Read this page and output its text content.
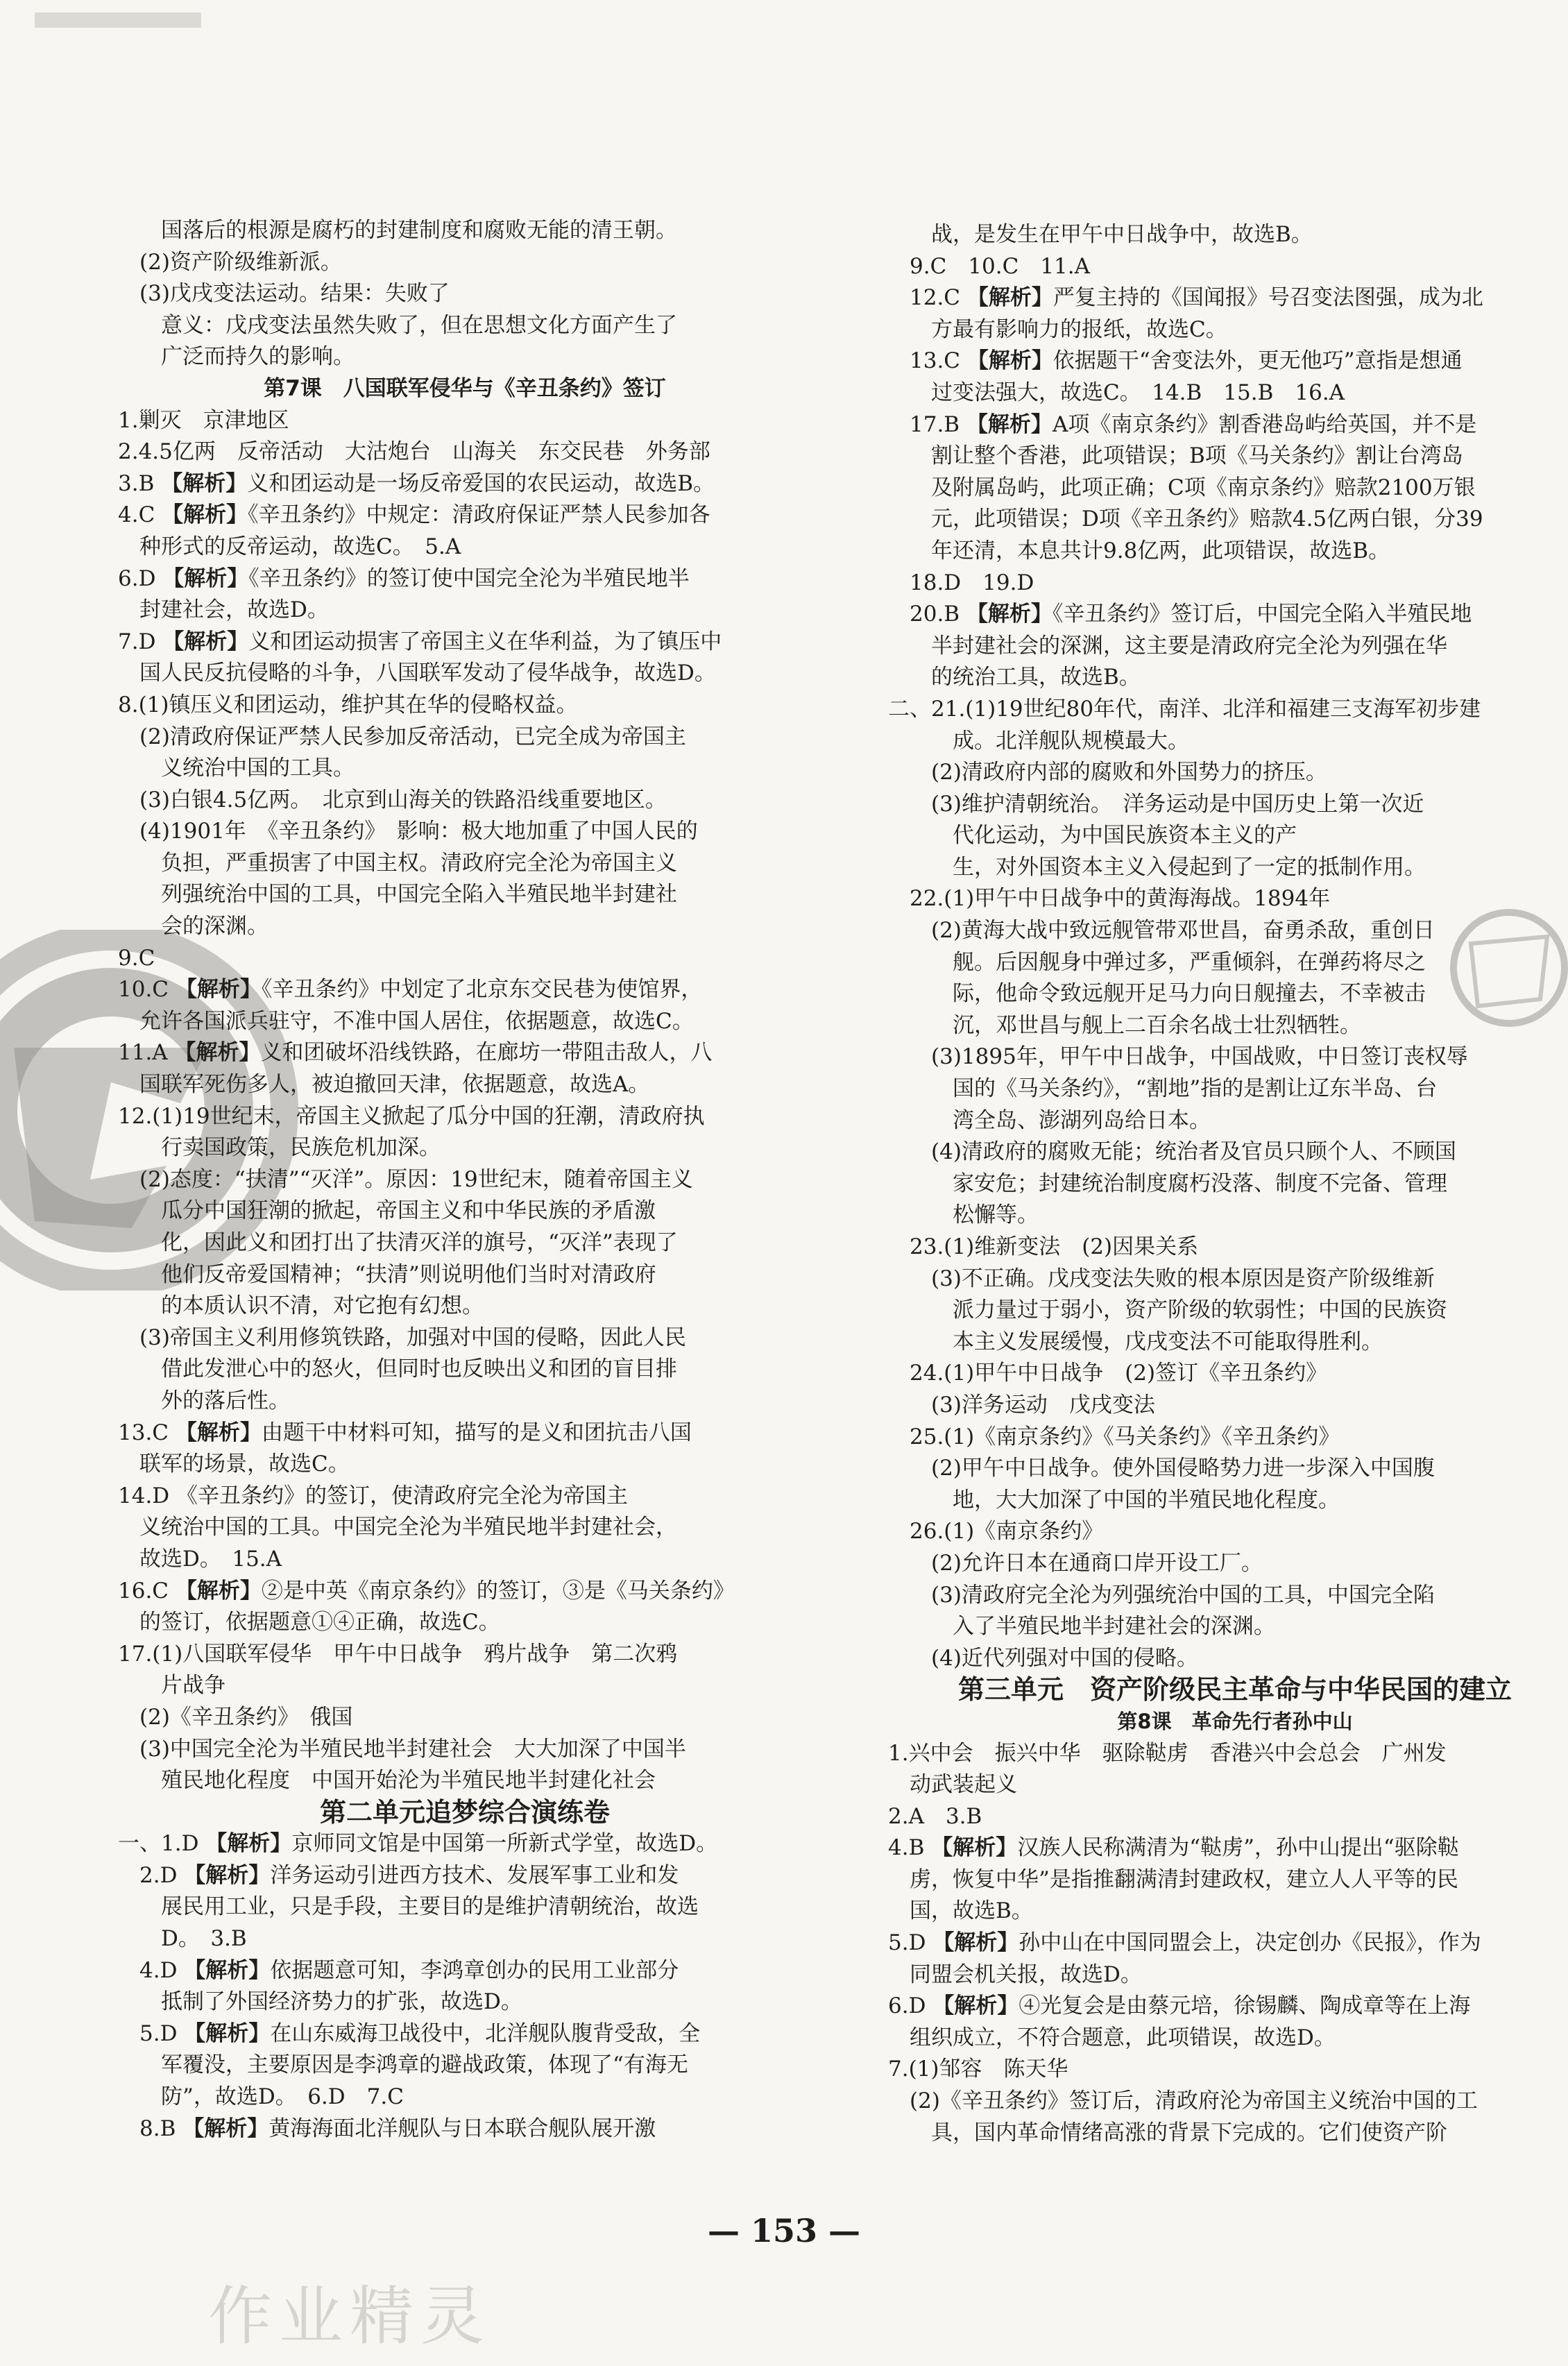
国落后的根源是腐朽的封建制度和腐败无能的清王朝。
(2)资产阶级维新派。
(3)戊戌变法运动。结果：失败了
意义：戊戌变法虽然失败了，但在思想文化方面产生了
广泛而持久的影响。
第7课　八国联军侵华与《辛丑条约》签订
1.剿灭　京津地区
2.4.5亿两　反帝活动　大沽炮台　山海关　东交民巷　外务部
3.B 【解析】义和团运动是一场反帝爱国的农民运动，故选B。
4.C 【解析】《辛丑条约》中规定：清政府保证严禁人民参加各
种形式的反帝运动，故选C。　5.A
6.D 【解析】《辛丑条约》的签订使中国完全沦为半殖民地半
封建社会，故选D。
7.D 【解析】义和团运动损害了帝国主义在华利益，为了镇压中
国人民反抗侵略的斗争，八国联军发动了侵华战争，故选D。
8.(1)镇压义和团运动，维护其在华的侵略权益。
(2)清政府保证严禁人民参加反帝活动，已完全成为帝国主
义统治中国的工具。
(3)白银4.5亿两。　北京到山海关的铁路沿线重要地区。
(4)1901年　《辛丑条约》　影响：极大地加重了中国人民的
负担，严重损害了中国主权。清政府完全沦为帝国主义
列强统治中国的工具，中国完全陷入半殖民地半封建社
会的深渊。
9.C
10.C 【解析】《辛丑条约》中划定了北京东交民巷为使馆界，
允许各国派兵驻守，不准中国人居住，依据题意，故选C。
11.A 【解析】义和团破坏沿线铁路，在廊坊一带阻击敌人，八
国联军死伤多人，被迫撤回天津，依据题意，故选A。
12.(1)19世纪末，帝国主义掀起了瓜分中国的狂潮，清政府执
行卖国政策，民族危机加深。
(2)态度：“扶清”“灭洋”。原因：19世纪末，随着帝国主义
瓜分中国狂潮的掀起，帝国主义和中华民族的矛盾激
化，因此义和团打出了扶清灭洋的旗号，“灭洋”表现了
他们反帝爱国精神；“扶清”则说明他们当时对清政府
的本质认识不清，对它抱有幻想。
(3)帝国主义利用修筑铁路，加强对中国的侵略，因此人民
借此发泄心中的怒火，但同时也反映出义和团的盲目排
外的落后性。
13.C 【解析】由题干中材料可知，描写的是义和团抗击八国
联军的场景，故选C。
14.D 《辛丑条约》的签订，使清政府完全沦为帝国主
义统治中国的工具。中国完全沦为半殖民地半封建社会，
故选D。　15.A
16.C 【解析】②是中英《南京条约》的签订，③是《马关条约》
的签订，依据题意①④正确，故选C。
17.(1)八国联军侵华　甲午中日战争　鸦片战争　第二次鸦
片战争
(2)《辛丑条约》　俄国
(3)中国完全沦为半殖民地半封建社会　大大加深了中国半
殖民地化程度　中国开始沦为半殖民地半封建化社会
第二单元追梦综合演练卷
一、1.D 【解析】京师同文馆是中国第一所新式学堂，故选D。
2.D 【解析】洋务运动引进西方技术、发展军事工业和发
展民用工业，只是手段，主要目的是维护清朝统治，故选
D。　3.B
4.D 【解析】依据题意可知，李鸿章创办的民用工业部分
抵制了外国经济势力的扩张，故选D。
5.D 【解析】在山东威海卫战役中，北洋舰队腹背受敌，全
军覆没，主要原因是李鸿章的避战政策，体现了“有海无
防”，故选D。　6.D　7.C
8.B 【解析】黄海海面北洋舰队与日本联合舰队展开激
战，是发生在甲午中日战争中，故选B。
9.C　10.C　11.A
12.C 【解析】严复主持的《国闻报》号召变法图强，成为北
方最有影响力的报纸，故选C。
13.C 【解析】依据题干“舍变法外，更无他巧”意指是想通
过变法强大，故选C。　14.B　15.B　16.A
17.B 【解析】A项《南京条约》割香港岛屿给英国，并不是
割让整个香港，此项错误；B项《马关条约》割让台湾岛
及附属岛屿，此项正确；C项《南京条约》赔款2100万银
元，此项错误；D项《辛丑条约》赔款4.5亿两白银，分39
年还清，本息共计9.8亿两，此项错误，故选B。
18.D　19.D
20.B 【解析】《辛丑条约》签订后，中国完全陷入半殖民地
半封建社会的深渊，这主要是清政府完全沦为列强在华
的统治工具，故选B。
二、21.(1)19世纪80年代，南洋、北洋和福建三支海军初步建
成。北洋舰队规模最大。
(2)清政府内部的腐败和外国势力的挤压。
(3)维护清朝统治。　洋务运动是中国历史上第一次近
代化运动，为中国民族资本主义的产
生，对外国资本主义入侵起到了一定的抵制作用。
22.(1)甲午中日战争中的黄海海战。1894年
(2)黄海大战中致远舰管带邓世昌，奋勇杀敌，重创日
舰。后因舰身中弹过多，严重倾斜，在弹药将尽之
际，他命令致远舰开足马力向日舰撞去，不幸被击
沉，邓世昌与舰上二百余名战士壮烈牺牲。
(3)1895年，甲午中日战争，中国战败，中日签订丧权辱
国的《马关条约》，“割地”指的是割让辽东半岛、台
湾全岛、澎湖列岛给日本。
(4)清政府的腐败无能；统治者及官员只顾个人、不顾国
家安危；封建统治制度腐朽没落、制度不完备、管理
松懈等。
23.(1)维新变法　(2)因果关系
(3)不正确。戊戌变法失败的根本原因是资产阶级维新
派力量过于弱小，资产阶级的软弱性；中国的民族资
本主义发展缓慢，戊戌变法不可能取得胜利。
24.(1)甲午中日战争　(2)签订《辛丑条约》
(3)洋务运动　戊戌变法
25.(1)《南京条约》《马关条约》《辛丑条约》
(2)甲午中日战争。使外国侵略势力进一步深入中国腹
地，大大加深了中国的半殖民地化程度。
26.(1)《南京条约》
(2)允许日本在通商口岸开设工厂。
(3)清政府完全沦为列强统治中国的工具，中国完全陷
入了半殖民地半封建社会的深渊。
(4)近代列强对中国的侵略。
第三单元　资产阶级民主革命与中华民国的建立
第8课　革命先行者孙中山
1.兴中会　振兴中华　驱除鞑虏　香港兴中会总会　广州发
动武装起义
2.A　3.B
4.B 【解析】汉族人民称满清为“鞑虏”，孙中山提出“驱除鞑
虏，恢复中华”是指推翻满清封建政权，建立人人平等的民
国，故选B。
5.D 【解析】孙中山在中国同盟会上，决定创办《民报》，作为
同盟会机关报，故选D。
6.D 【解析】④光复会是由蔡元培，徐锡麟、陶成章等在上海
组织成立，不符合题意，此项错误，故选D。
7.(1)邹容　陈天华
(2)《辛丑条约》签订后，清政府沦为帝国主义统治中国的工
具，国内革命情绪高涨的背景下完成的。它们使资产阶
— 153 —
作业精灵
